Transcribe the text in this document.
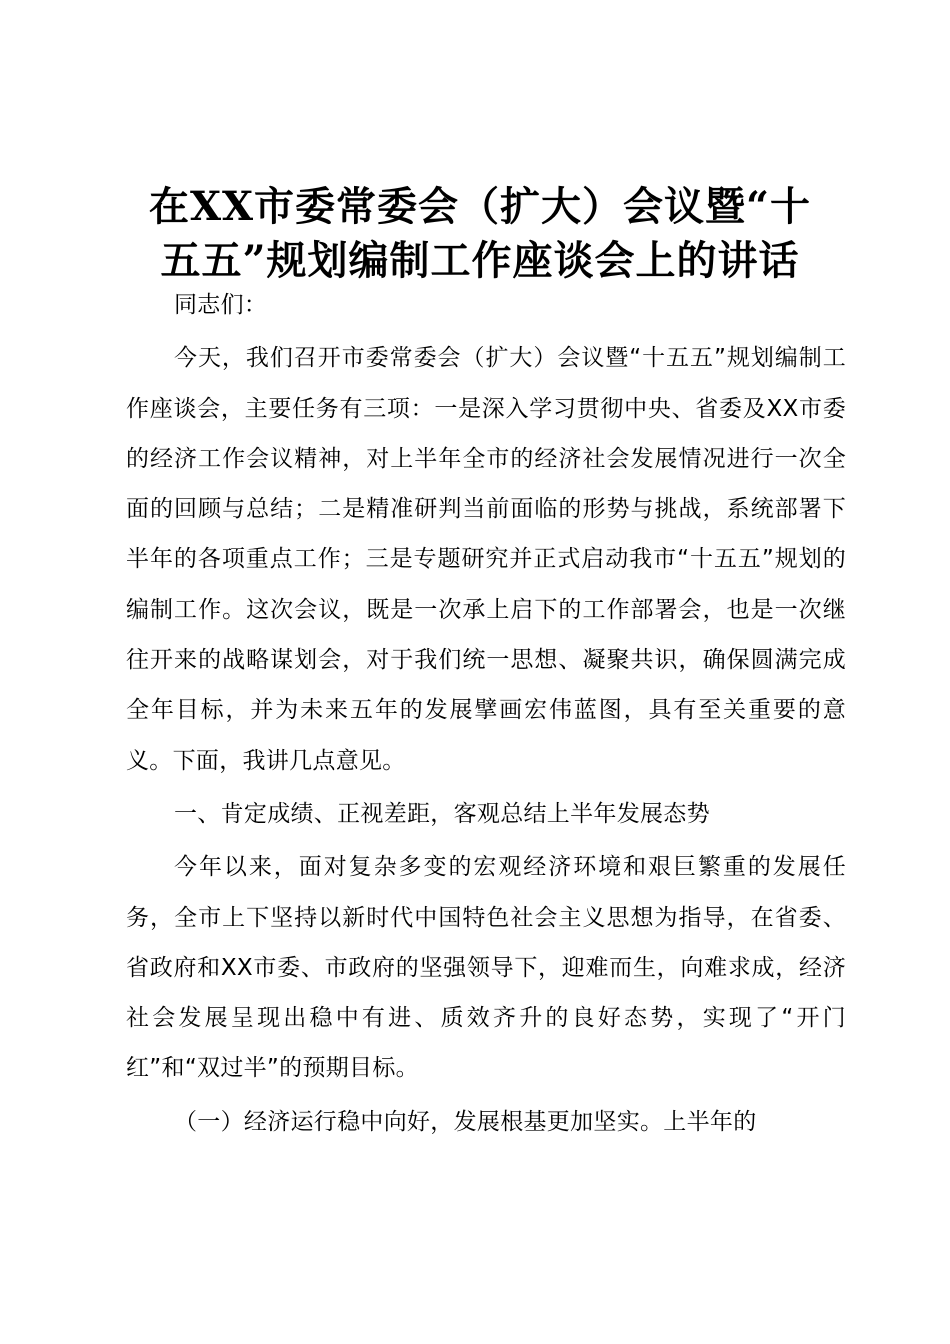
在XX市委常委会（扩大）会议暨“十
五五”规划编制工作座谈会上的讲话

同志们：

今天，我们召开市委常委会（扩大）会议暨“十五五”规划编制工作座谈会，主要任务有三项：一是深入学习贯彻中央、省委及XX市委的经济工作会议精神，对上半年全市的经济社会发展情况进行一次全面的回顾与总结；二是精准研判当前面临的形势与挑战，系统部署下半年的各项重点工作；三是专题研究并正式启动我市“十五五”规划的编制工作。这次会议，既是一次承上启下的工作部署会，也是一次继往开来的战略谋划会，对于我们统一思想、凝聚共识，确保圆满完成全年目标，并为未来五年的发展擘画宏伟蓝图，具有至关重要的意义。下面，我讲几点意见。

一、肯定成绩、正视差距，客观总结上半年发展态势

今年以来，面对复杂多变的宏观经济环境和艰巨繁重的发展任务，全市上下坚持以新时代中国特色社会主义思想为指导，在省委、省政府和XX市委、市政府的坚强领导下，迎难而生，向难求成，经济社会发展呈现出稳中有进、质效齐升的良好态势，实现了“开门红”和“双过半”的预期目标。

（一）经济运行稳中向好，发展根基更加坚实。上半年的
